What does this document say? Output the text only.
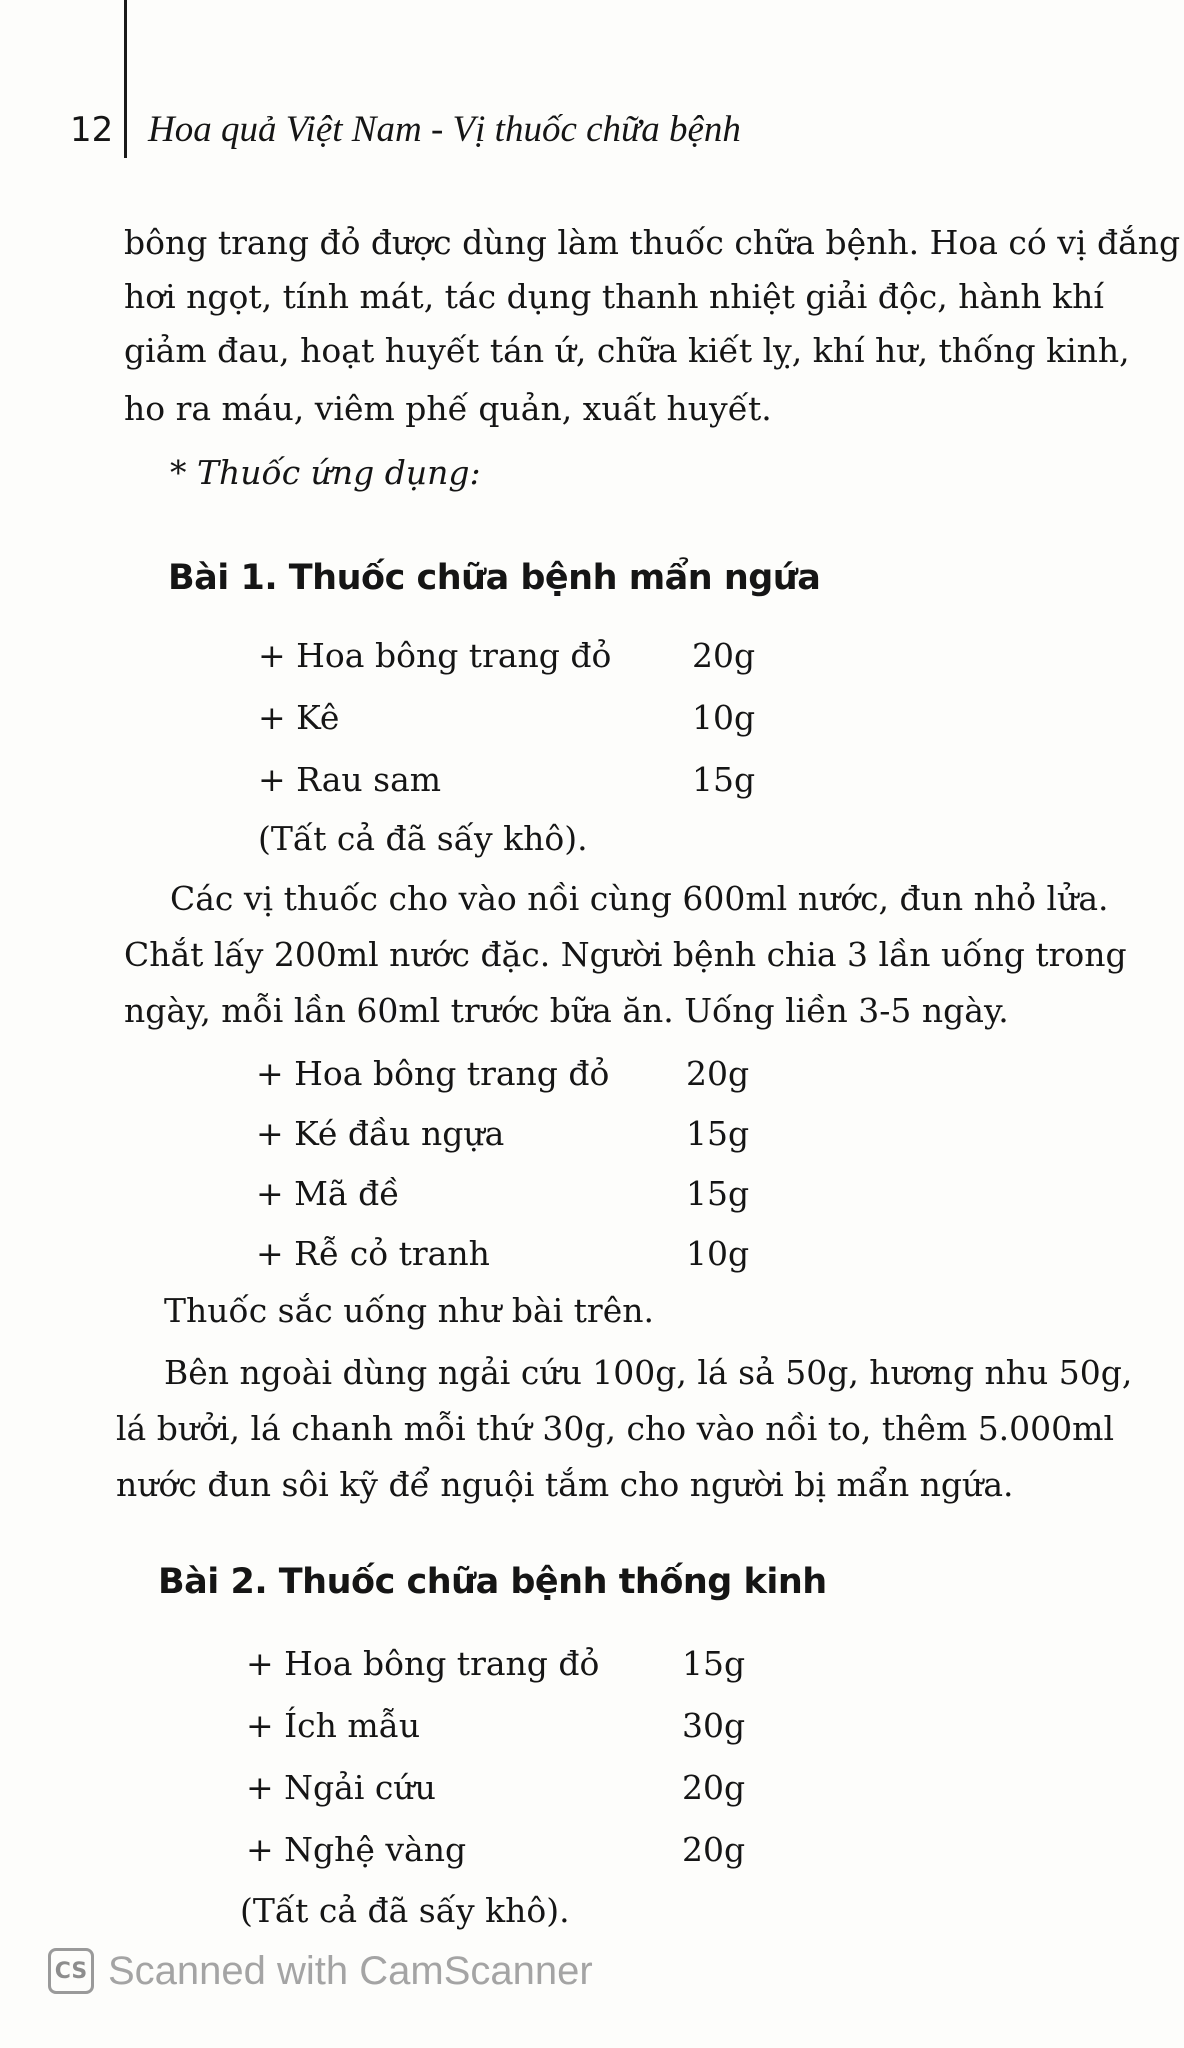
12 Hoa quả Việt Nam - Vị thuốc chữa bệnh
bông trang đỏ được dùng làm thuốc chữa bệnh. Hoa có vị đắng
hơi ngọt, tính mát, tác dụng thanh nhiệt giải độc, hành khí
giảm đau, hoạt huyết tán ứ, chữa kiết lỵ, khí hư, thống kinh,
ho ra máu, viêm phế quản, xuất huyết.
* Thuốc ứng dụng:
Bài 1. Thuốc chữa bệnh mẩn ngứa
+ Hoa bông trang đỏ 20g
+ Kê	10g
+ Rau sam	15g
(Tất cả đã sấy khô).
Các vị thuốc cho vào nồi cùng 600ml nước, đun nhỏ lửa.
Chắt lấy 200ml nước đặc. Người bệnh chia 3 lần uống trong
ngày, mỗi lần 60ml trước bữa ăn. Uống liền 3-5 ngày.
+ Hoa bông trang đỏ 20g
+ Ké đầu ngựa	15g
+ Mã đề	15g
+ Rễ cỏ tranh	10g
Thuốc sắc uống như bài trên.
Bên ngoài dùng ngải cứu 100g, lá sả 50g, hương nhu 50g,
lá bưởi, lá chanh mỗi thứ 30g, cho vào nồi to, thêm 5.000ml
nước đun sôi kỹ để nguội tắm cho người bị mẩn ngứa.
Bài 2. Thuốc chữa bệnh thống kinh
+ Hoa bông trang đỏ	15g
+ Ích mẫu	30g
+ Ngải cứu	20g
+ Nghệ vàng	20g
(Tất cả đã sấy khô).
CS Scanned with CamScanner
